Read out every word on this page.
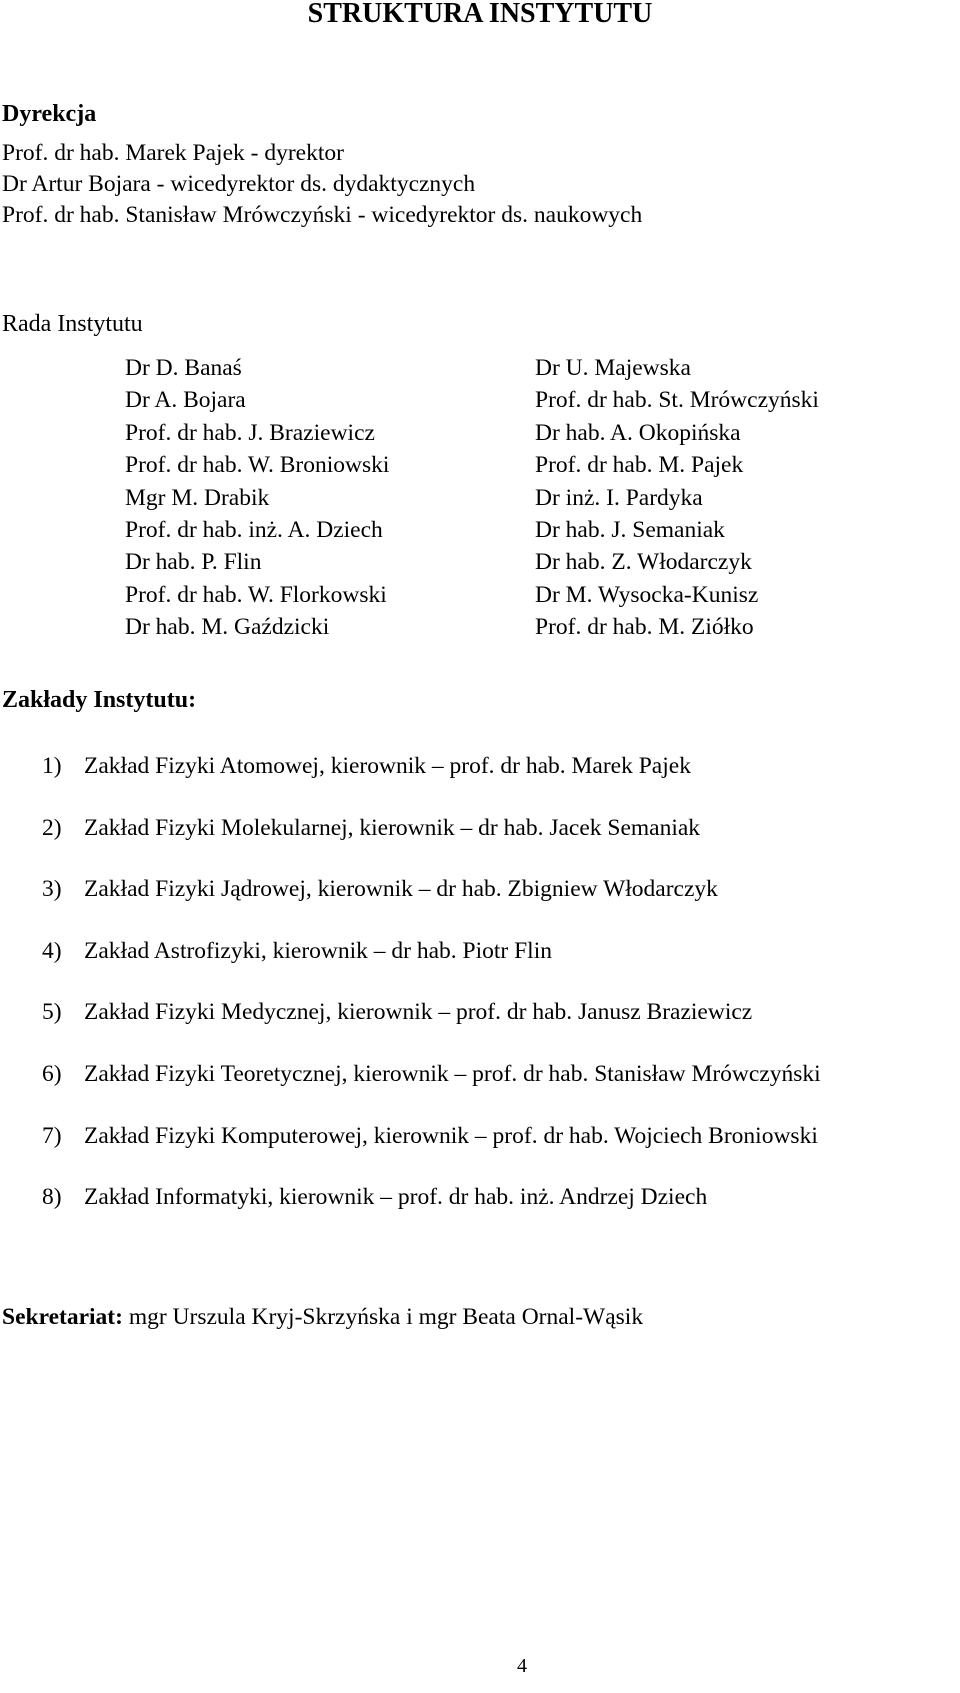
STRUKTURA INSTYTUTU
Dyrekcja
Prof. dr hab. Marek Pajek - dyrektor
Dr Artur Bojara - wicedyrektor ds. dydaktycznych
Prof. dr hab. Stanisław Mrówczyński - wicedyrektor ds. naukowych
Rada Instytutu
Dr D. Banaś
Dr A. Bojara
Prof. dr hab. J. Braziewicz
Prof. dr hab. W. Broniowski
Mgr M. Drabik
Prof. dr hab. inż. A. Dziech
Dr hab. P. Flin
Prof. dr hab. W. Florkowski
Dr hab. M. Gaździcki
Dr U. Majewska
Prof. dr hab. St. Mrówczyński
Dr hab. A. Okopińska
Prof. dr hab. M. Pajek
Dr inż. I. Pardyka
Dr hab. J. Semaniak
Dr hab. Z. Włodarczyk
Dr M. Wysocka-Kunisz
Prof. dr hab. M. Ziółko
Zakłady Instytutu:
1) Zakład Fizyki Atomowej, kierownik – prof. dr hab. Marek Pajek
2) Zakład Fizyki Molekularnej, kierownik – dr hab. Jacek Semaniak
3) Zakład Fizyki Jądrowej, kierownik – dr hab. Zbigniew Włodarczyk
4) Zakład Astrofizyki, kierownik – dr hab. Piotr Flin
5) Zakład Fizyki Medycznej, kierownik – prof. dr hab. Janusz Braziewicz
6) Zakład Fizyki Teoretycznej, kierownik – prof. dr hab. Stanisław Mrówczyński
7) Zakład Fizyki Komputerowej, kierownik – prof. dr hab. Wojciech Broniowski
8) Zakład Informatyki, kierownik – prof. dr hab. inż. Andrzej Dziech
Sekretariat: mgr Urszula Kryj-Skrzyńska i mgr Beata Ornal-Wąsik
4
